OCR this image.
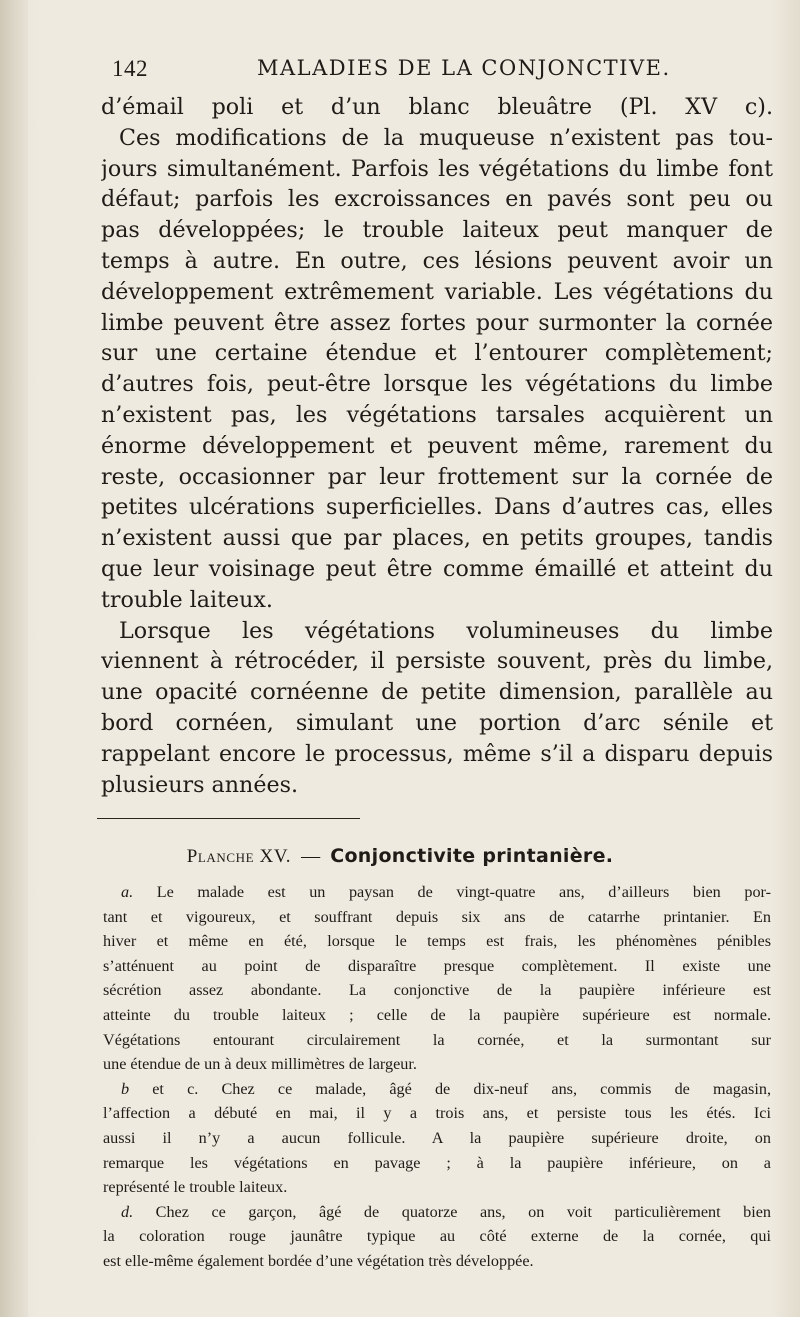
142	MALADIES DE LA CONJONCTIVE.
d’émail poli et d’un blanc bleuâtre (Pl. XV c).
Ces modifications de la muqueuse n’existent pas tou-
jours simultanément. Parfois les végétations du limbe font
défaut; parfois les excroissances en pavés sont peu ou
pas développées; le trouble laiteux peut manquer de
temps à autre. En outre, ces lésions peuvent avoir un
développement extrêmement variable. Les végétations du
limbe peuvent être assez fortes pour surmonter la cornée
sur une certaine étendue et l’entourer complètement;
d’autres fois, peut-être lorsque les végétations du limbe
n’existent pas, les végétations tarsales acquièrent un
énorme développement et peuvent même, rarement du
reste, occasionner par leur frottement sur la cornée de
petites ulcérations superficielles. Dans d’autres cas, elles
n’existent aussi que par places, en petits groupes, tandis
que leur voisinage peut être comme émaillé et atteint du
trouble laiteux.
Lorsque les végétations volumineuses du limbe
viennent à rétrocéder, il persiste souvent, près du limbe,
une opacité cornéenne de petite dimension, parallèle au
bord cornéen, simulant une portion d’arc sénile et
rappelant encore le processus, même s’il a disparu depuis
plusieurs années.
Planche XV. — Conjonctivite printanière.
a. Le malade est un paysan de vingt-quatre ans, d’ailleurs bien por-
tant et vigoureux, et souffrant depuis six ans de catarrhe printanier. En
hiver et même en été, lorsque le temps est frais, les phénomènes pénibles
s’atténuent au point de disparaître presque complètement. Il existe une
sécrétion assez abondante. La conjonctive de la paupière inférieure est
atteinte du trouble laiteux ; celle de la paupière supérieure est normale.
Végétations entourant circulairement la cornée, et la surmontant sur
une étendue de un à deux millimètres de largeur.
b et c. Chez ce malade, âgé de dix-neuf ans, commis de magasin,
l’affection a débuté en mai, il y a trois ans, et persiste tous les étés. Ici
aussi il n’y a aucun follicule. A la paupière supérieure droite, on
remarque les végétations en pavage ; à la paupière inférieure, on a
représenté le trouble laiteux.
d. Chez ce garçon, âgé de quatorze ans, on voit particulièrement bien
la coloration rouge jaunâtre typique au côté externe de la cornée, qui
est elle-même également bordée d’une végétation très développée.
